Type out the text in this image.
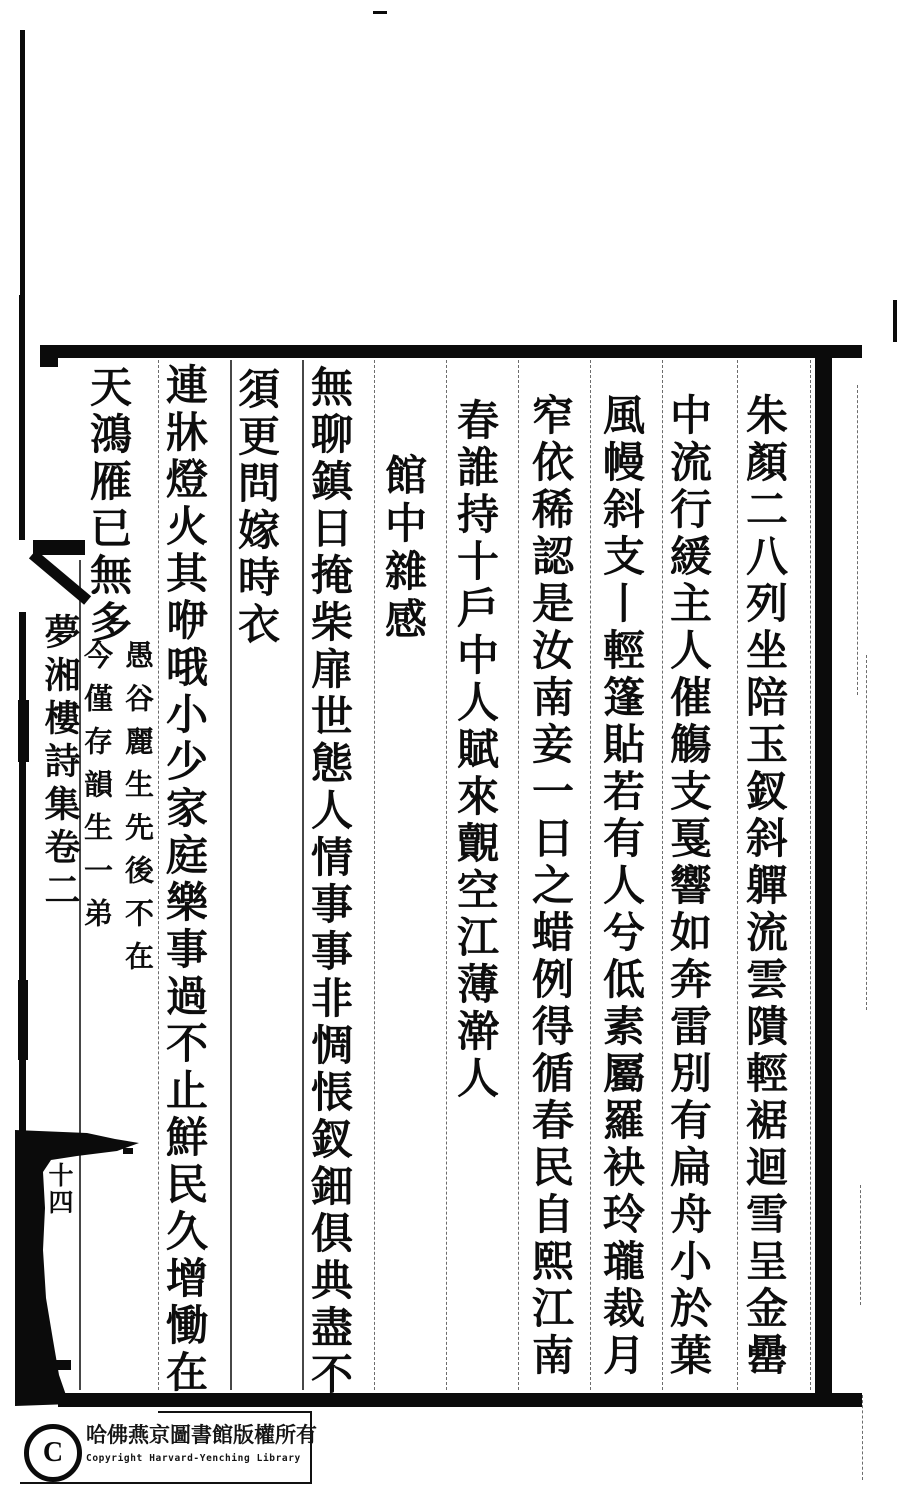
朱顏二八列坐陪玉釵斜軃流雲隤輕裾迴雪呈金罍
中流行緩主人催觴支戛響如奔雷別有扁舟小於葉
風幔斜支丨輕篷貼若有人兮低素屬羅袂玲瓏裁月
窄依稀認是汝南妾一日之蜡例得循春民自熙江南
春誰持十戶中人賦來覿空江薄澣人
館中雜感
無聊鎮日掩柴扉世態人情事事非惆悵釵鈿俱典盡不
須更問嫁時衣
連牀燈火其咿哦小少家庭樂事過不止鮮民久增慟在
天鴻雁已無多
愚谷麗生先後不在
今僅存韻生一弟
夢湘樓詩集卷二
十四
C
哈佛燕京圖書館版權所有
Copyright Harvard-Yenching Library
